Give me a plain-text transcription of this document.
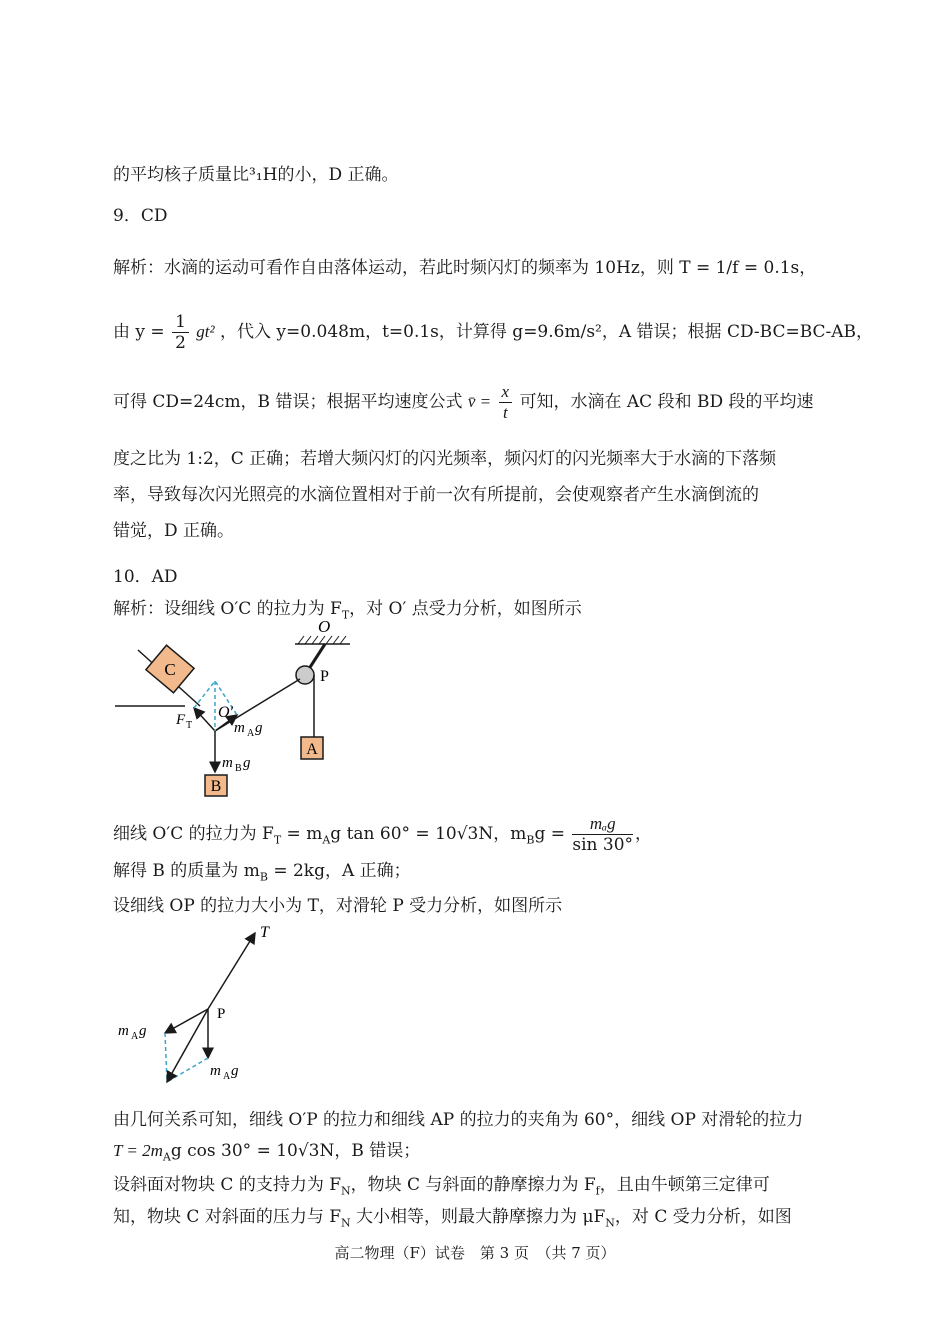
的平均核子质量比³₁H的小，D 正确。
9．CD
解析：水滴的运动可看作自由落体运动，若此时频闪灯的频率为 10Hz，则 T = 1/f = 0.1s，
由 $y = \frac{1}{2} gt^2$ ，代入 y=0.048m，t=0.1s，计算得 g=9.6m/s²，A 错误；根据 CD-BC=BC-AB，
可得 CD=24cm，B 错误；根据平均速度公式 v̄ = $\frac{x}{t}$ 可知，水滴在 AC 段和 BD 段的平均速
度之比为 1:2，C 正确；若增大频闪灯的闪光频率，频闪灯的闪光频率大于水滴的下落频
率，导致每次闪光照亮的水滴位置相对于前一次有所提前，会使观察者产生水滴倒流的
错觉，D 正确。
10．AD
解析：设细线 O′C 的拉力为 $F_T$，对 O′ 点受力分析，如图所示
C
O
P
A
B
O′
F T	m A g
m B g
细线 O′C 的拉力为 $F_T = m_Ag$ tan 60° = 10√3N，$m_Bg = \frac{\text{mₐg}}{\sin 30^\circ}$ ，
解得 B 的质量为 $m_B = 2kg$，A 正确；
设细线 OP 的拉力大小为 T，对滑轮 P 受力分析，如图所示
T
P
m A g
m A g
由几何关系可知，细线 O′P 的拉力和细线 AP 的拉力的夹角为 60°，细线 OP 对滑轮的拉力
$T = 2m_Ag$ cos 30° = 10√3N，B 错误；
设斜面对物块 C 的支持力为 $F_N$，物块 C 与斜面的静摩擦力为 $F_f$，且由牛顿第三定律可
知，物块 C 对斜面的压力与 $F_N$ 大小相等，则最大静摩擦力为 $\mu F_N$，对 C 受力分析，如图
高二物理（F）试卷　第 3 页　（共 7 页）
